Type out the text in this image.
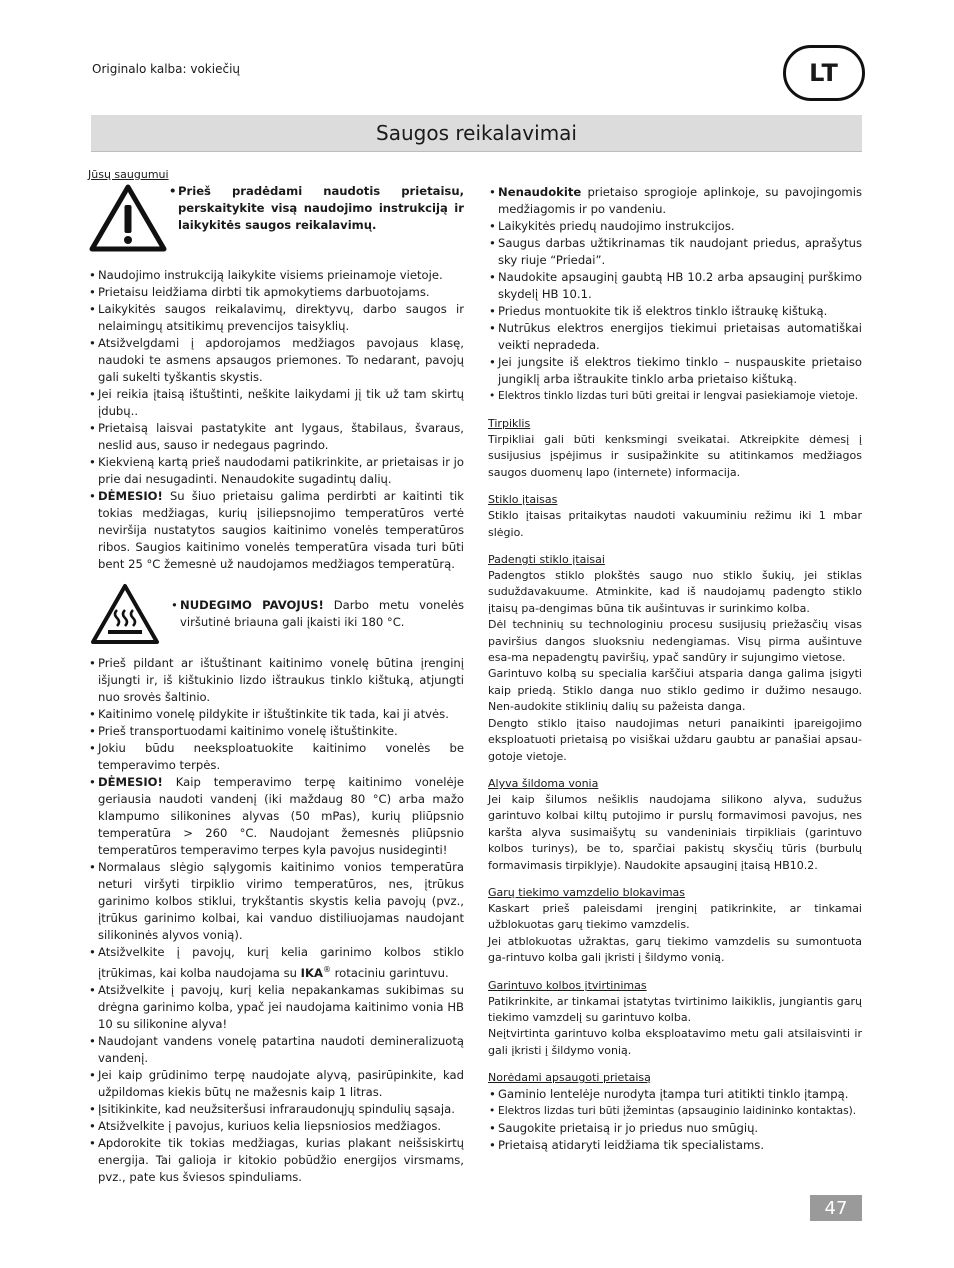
Originalo kalba: vokiečių	LT
Saugos reikalavimai
Jūsų saugumui
• Prieš pradėdami naudotis prietaisu, perskaitykite visą naudojimo instrukciją ir laikykitės saugos reikalavimų.
• Naudojimo instrukciją laikykite visiems prieinamoje vietoje.
• Prietaisu leidžiama dirbti tik apmokytiems darbuotojams.
• Laikykitės saugos reikalavimų, direktyvų, darbo saugos ir nelaimingų atsitikimų prevencijos taisyklių.
• Atsižvelgdami į apdorojamos medžiagos pavojaus klasę, naudoki te asmens apsaugos priemones. To nedarant, pavojų gali sukelti tyškantis skystis.
• Jei reikia įtaisą ištuštinti, neškite laikydami jį tik už tam skirtų įdubų..
• Prietaisą laisvai pastatykite ant lygaus, štabilaus, švaraus, neslid aus, sauso ir nedegaus pagrindo.
• Kiekvieną kartą prieš naudodami patikrinkite, ar prietaisas ir jo prie dai nesugadinti. Nenaudokite sugadintų dalių.
• DĖMESIO! Su šiuo prietaisu galima perdirbti ar kaitinti tik tokias medžiagas, kurių įsiliepsnojimo temperatūros vertė neviršija nustatytos saugios kaitinimo vonelės temperatūros ribos. Saugios kaitinimo vonelės temperatūra visada turi būti bent 25 °C žemesnė už naudojamos medžiagos temperatūrą.
• NUDEGIMO PAVOJUS! Darbo metu vonelės viršutinė briauna gali įkaisti iki 180 °C.
• Prieš pildant ar ištuštinant kaitinimo vonelę būtina įrenginį išjungti ir, iš kištukinio lizdo ištraukus tinklo kištuką, atjungti nuo srovės šaltinio.
• Kaitinimo vonelę pildykite ir ištuštinkite tik tada, kai ji atvės.
• Prieš transportuodami kaitinimo vonelę ištuštinkite.
• Jokiu būdu neeksploatuokite kaitinimo vonelės be temperavimo terpės.
• DĖMESIO! Kaip temperavimo terpę kaitinimo vonelėje geriausia naudoti vandenį (iki maždaug 80 °C) arba mažo klampumo silikonines alyvas (50 mPas), kurių pliūpsnio temperatūra > 260 °C. Naudojant žemesnės pliūpsnio temperatūros temperavimo terpes kyla pavojus nusideginti!
• Normalaus slėgio sąlygomis kaitinimo vonios temperatūra neturi viršyti tirpiklio virimo temperatūros, nes, įtrūkus garinimo kolbos stiklui, trykštantis skystis kelia pavojų (pvz., įtrūkus garinimo kolbai, kai vanduo distiliuojamas naudojant silikoninės alyvos vonią).
• Atsižvelkite į pavojų, kurį kelia garinimo kolbos stiklo įtrūkimas, kai kolba naudojama su IKA® rotaciniu garintuvu.
• Atsižvelkite į pavojų, kurį kelia nepakankamas sukibimas su drėgna garinimo kolba, ypač jei naudojama kaitinimo vonia HB 10 su silikonine alyva!
• Naudojant vandens vonelę patartina naudoti demineralizuotą vandenį.
• Jei kaip grūdinimo terpę naudojate alyvą, pasirūpinkite, kad užpildomas kiekis būtų ne mažesnis kaip 1 litras.
• Įsitikinkite, kad neužsiteršusi infraraudonųjų spindulių sąsaja.
• Atsižvelkite į pavojus, kuriuos kelia liepsniosios medžiagos.
• Apdorokite tik tokias medžiagas, kurias plakant neišsiskirtų energija. Tai galioja ir kitokio pobūdžio energijos virsmams, pvz., pate kus šviesos spinduliams.
• Nenaudokite prietaiso sprogioje aplinkoje, su pavojingomis medžiagomis ir po vandeniu.
• Laikykitės priedų naudojimo instrukcijos.
• Saugus darbas užtikrinamas tik naudojant priedus, aprašytus sky riuje “Priedai”.
• Naudokite apsauginį gaubtą HB 10.2 arba apsauginį purškimo skydelį HB 10.1.
• Priedus montuokite tik iš elektros tinklo ištraukę kištuką.
• Nutrūkus elektros energijos tiekimui prietaisas automatiškai veikti nepradeda.
• Jei jungsite iš elektros tiekimo tinklo – nuspauskite prietaiso jungiklį arba ištraukite tinklo arba prietaiso kištuką.
• Elektros tinklo lizdas turi būti greitai ir lengvai pasiekiamoje vietoje.
Tirpiklis
Tirpikliai gali būti kenksmingi sveikatai. Atkreipkite dėmesį į susijusius įspėjimus ir susipažinkite su atitinkamos medžiagos saugos duomenų lapo (internete) informacija.
Stiklo įtaisas
Stiklo įtaisas pritaikytas naudoti vakuuminiu režimu iki 1 mbar slėgio.
Padengti stiklo įtaisai
Padengtos stiklo plokštės saugo nuo stiklo šukių, jei stiklas suduždavakuume. Atminkite, kad iš naudojamų padengto stiklo įtaisų pa-dengimas būna tik aušintuvas ir surinkimo kolba.
Dėl techninių su technologiniu procesu susijusių priežasčių visas paviršius dangos sluoksniu nedengiamas. Visų pirma aušintuve esa-ma nepadengtų paviršių, ypač sandūry ir sujungimo vietose.
Garintuvo kolbą su specialia karščiui atsparia danga galima įsigyti kaip priedą. Stiklo danga nuo stiklo gedimo ir dužimo nesaugo. Nen-audokite stiklinių dalių su pažeista danga.
Dengto stiklo įtaiso naudojimas neturi panaikinti įpareigojimo eksploatuoti prietaisą po visiškai uždaru gaubtu ar panašiai apsau-gotoje vietoje.
Alyva šildoma vonia
Jei kaip šilumos nešiklis naudojama silikono alyva, sudužus garintuvo kolbai kiltų putojimo ir purslų formavimosi pavojus, nes karšta alyva susimaišytų su vandeniniais tirpikliais (garintuvo kolbos turinys), be to, sparčiai pakistų skysčių tūris (burbulų formavimasis tirpiklyje). Naudokite apsauginį įtaisą HB10.2.
Garų tiekimo vamzdelio blokavimas
Kaskart prieš paleisdami įrenginį patikrinkite, ar tinkamai užblokuotas garų tiekimo vamzdelis.
Jei atblokuotas užraktas, garų tiekimo vamzdelis su sumontuota ga-rintuvo kolba gali įkristi į šildymo vonią.
Garintuvo kolbos įtvirtinimas
Patikrinkite, ar tinkamai įstatytas tvirtinimo laikiklis, jungiantis garų tiekimo vamzdelį su garintuvo kolba.
Neįtvirtinta garintuvo kolba eksploatavimo metu gali atsilaisvinti ir gali įkristi į šildymo vonią.
Norėdami apsaugoti prietaisą
• Gaminio lentelėje nurodyta įtampa turi atitikti tinklo įtampą.
• Elektros lizdas turi būti įžemintas (apsauginio laidininko kontaktas).
• Saugokite prietaisą ir jo priedus nuo smūgių.
• Prietaisą atidaryti leidžiama tik specialistams.
47
